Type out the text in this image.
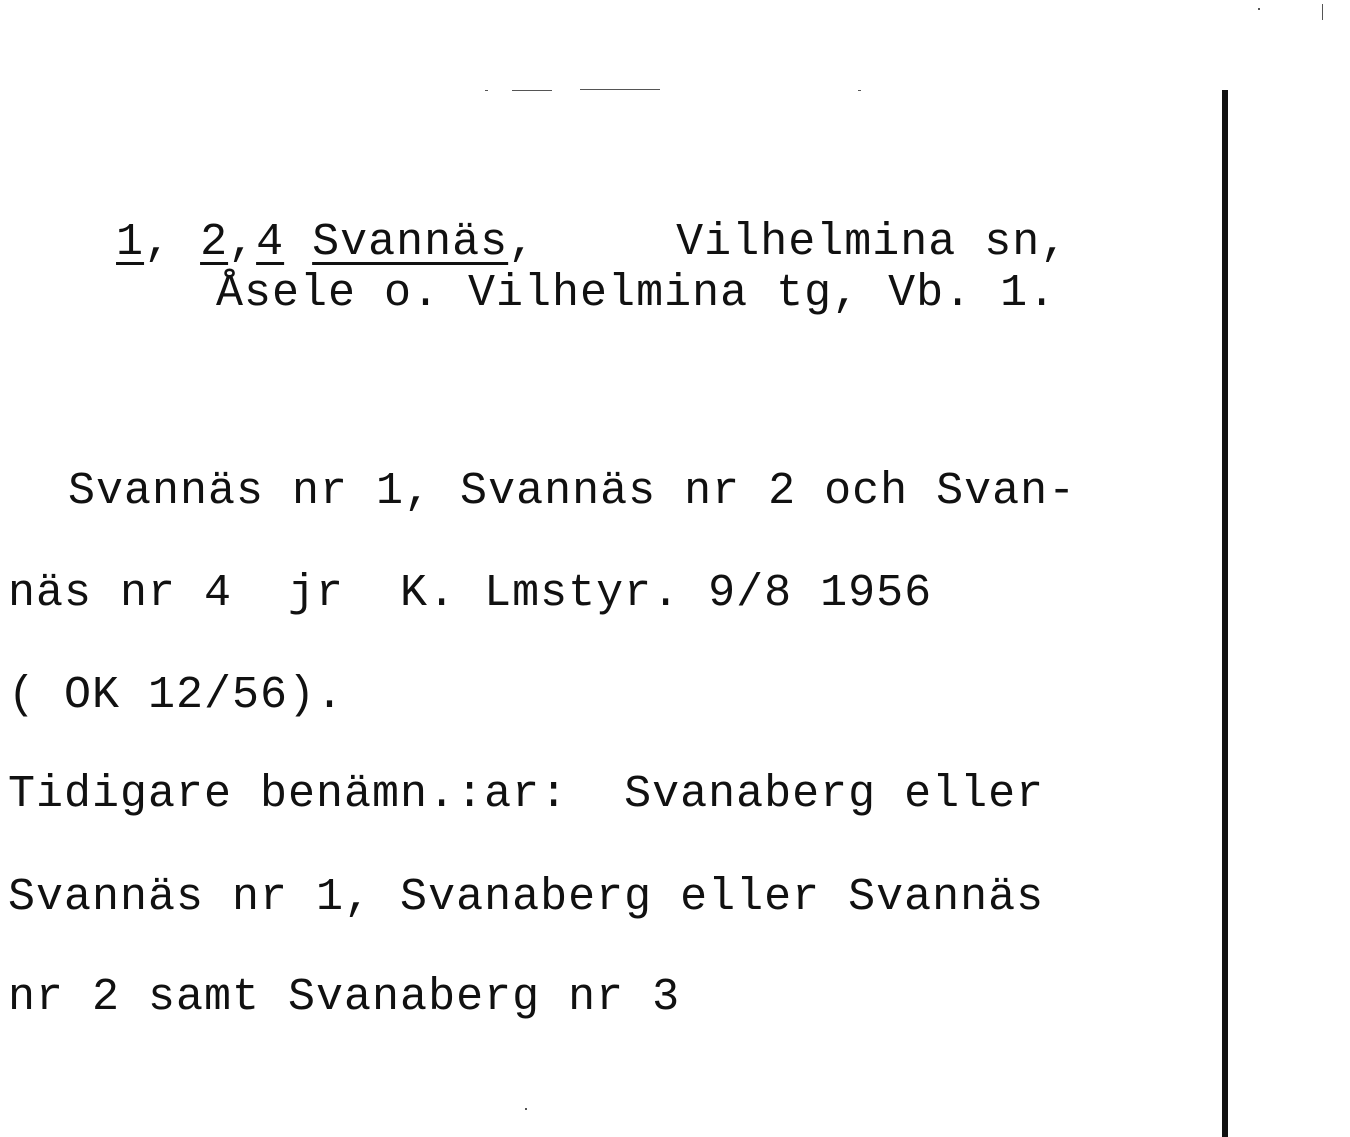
1, 2,4 Svannäs,     Vilhelmina sn,

Åsele o. Vilhelmina tg, Vb. 1.
Svannäs nr 1, Svannäs nr 2 och Svan-
näs nr 4  jr  K. Lmstyr. 9/8 1956
( OK 12/56).
Tidigare benämn.:ar:  Svanaberg eller
Svannäs nr 1, Svanaberg eller Svannäs
nr 2 samt Svanaberg nr 3
